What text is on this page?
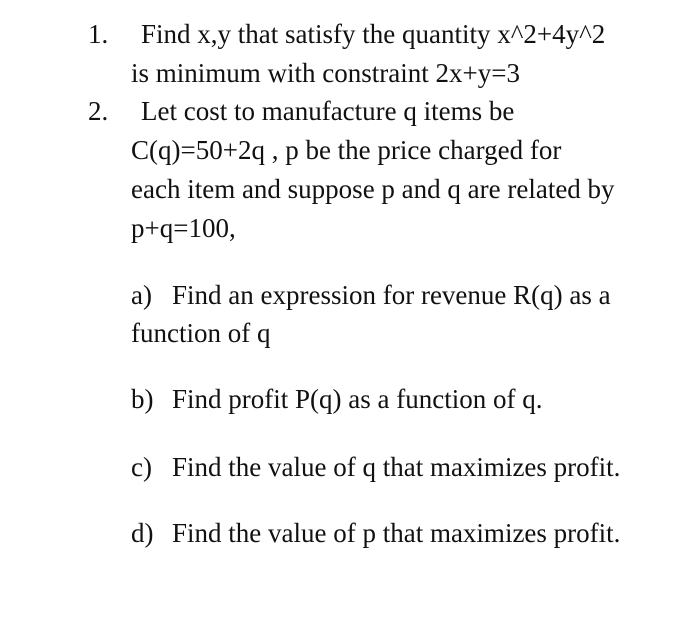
1.	Find x,y that satisfy the quantity x^2+4y^2
is minimum with constraint 2x+y=3
2.	Let cost to manufacture q items be
C(q)=50+2q , p be the price charged for
each item and suppose p and q are related by
p+q=100,
a) Find an expression for revenue R(q) as a
function of q
b) Find profit P(q) as a function of q.
c) Find the value of q that maximizes profit.
d) Find the value of p that maximizes profit.
